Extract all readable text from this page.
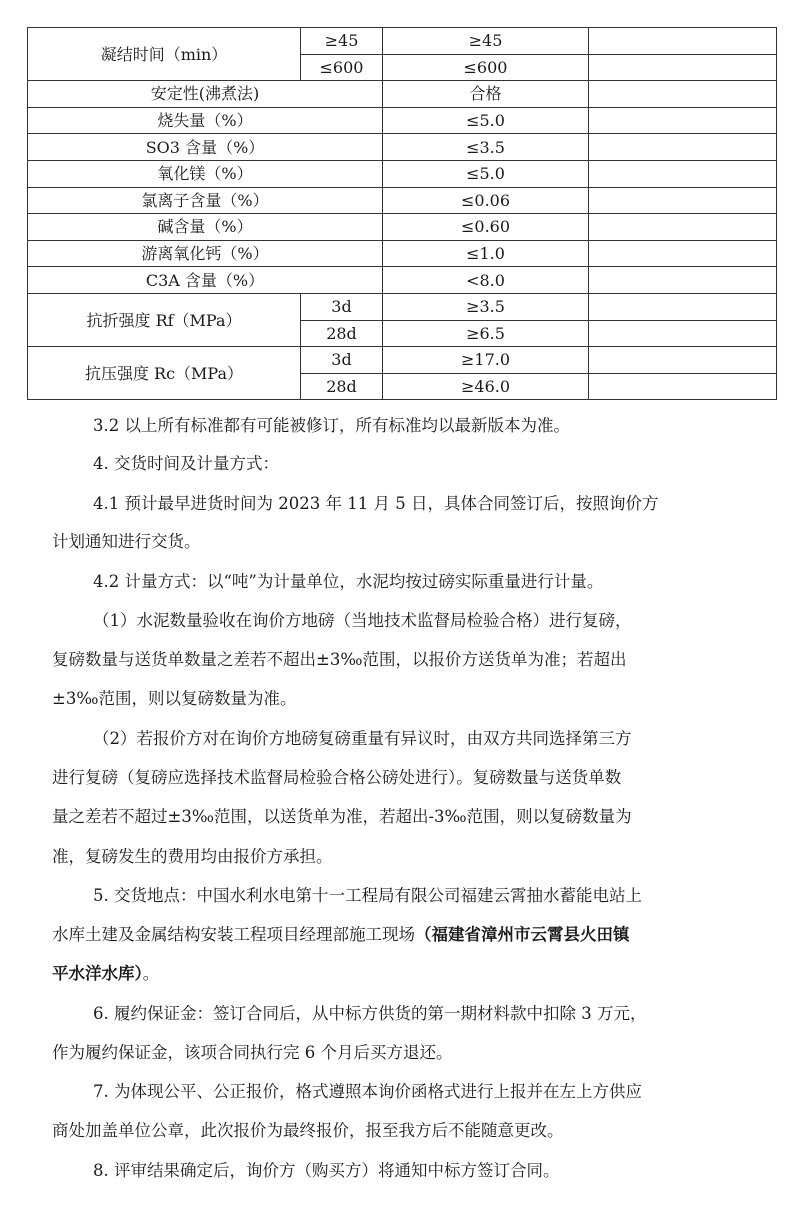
凝结时间（min）	≥45	≥45	
	≤600	≤600	
安定性(沸煮法)		合格	
烧失量（%）		≤5.0	
SO3 含量（%）		≤3.5	
氧化镁（%）		≤5.0	
氯离子含量（%）		≤0.06	
碱含量（%）		≤0.60	
游离氧化钙（%）		≤1.0	
C3A 含量（%）		<8.0	
抗折强度 Rf（MPa）	3d	≥3.5	
	28d	≥6.5	
抗压强度 Rc（MPa）	3d	≥17.0	
	28d	≥46.0	
3.2 以上所有标准都有可能被修订，所有标准均以最新版本为准。
4. 交货时间及计量方式：
4.1 预计最早进货时间为 2023 年 11 月 5 日，具体合同签订后，按照询价方
计划通知进行交货。
4.2 计量方式：以“吨”为计量单位，水泥均按过磅实际重量进行计量。
（1）水泥数量验收在询价方地磅（当地技术监督局检验合格）进行复磅，
复磅数量与送货单数量之差若不超出±3‰范围，以报价方送货单为准；若超出
±3‰范围，则以复磅数量为准。
（2）若报价方对在询价方地磅复磅重量有异议时，由双方共同选择第三方
进行复磅（复磅应选择技术监督局检验合格公磅处进行）。复磅数量与送货单数
量之差若不超过±3‰范围，以送货单为准，若超出-3‰范围，则以复磅数量为
准，复磅发生的费用均由报价方承担。
5. 交货地点：中国水利水电第十一工程局有限公司福建云霄抽水蓄能电站上
水库土建及金属结构安装工程项目经理部施工现场（福建省漳州市云霄县火田镇
平水洋水库）。
6. 履约保证金：签订合同后，从中标方供货的第一期材料款中扣除 3 万元，
作为履约保证金，该项合同执行完 6 个月后买方退还。
7. 为体现公平、公正报价，格式遵照本询价函格式进行上报并在左上方供应
商处加盖单位公章，此次报价为最终报价，报至我方后不能随意更改。
8. 评审结果确定后，询价方（购买方）将通知中标方签订合同。
